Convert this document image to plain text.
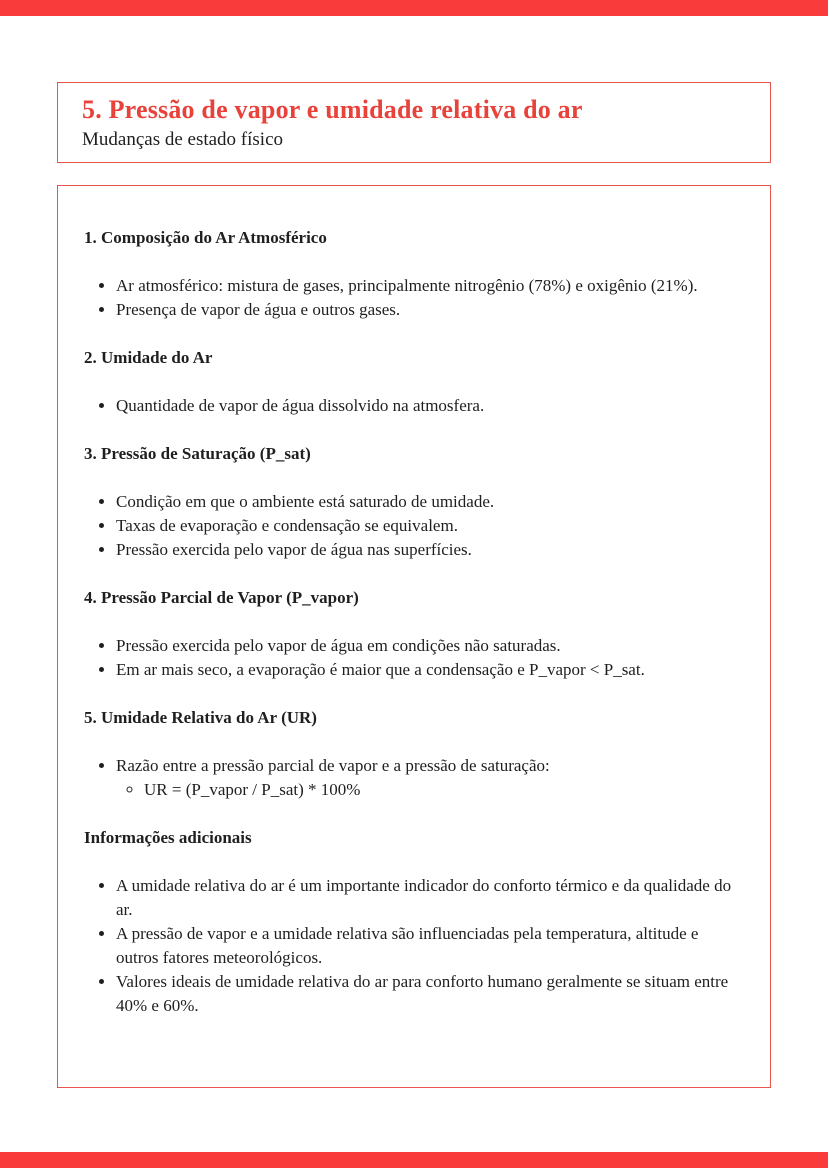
5. Pressão de vapor e umidade relativa do ar
Mudanças de estado físico
1. Composição do Ar Atmosférico
• Ar atmosférico: mistura de gases, principalmente nitrogênio (78%) e oxigênio (21%).
• Presença de vapor de água e outros gases.
2. Umidade do Ar
• Quantidade de vapor de água dissolvido na atmosfera.
3. Pressão de Saturação (P_sat)
• Condição em que o ambiente está saturado de umidade.
• Taxas de evaporação e condensação se equivalem.
• Pressão exercida pelo vapor de água nas superfícies.
4. Pressão Parcial de Vapor (P_vapor)
• Pressão exercida pelo vapor de água em condições não saturadas.
• Em ar mais seco, a evaporação é maior que a condensação e P_vapor < P_sat.
5. Umidade Relativa do Ar (UR)
• Razão entre a pressão parcial de vapor e a pressão de saturação:
◦ UR = (P_vapor / P_sat) * 100%
Informações adicionais
• A umidade relativa do ar é um importante indicador do conforto térmico e da qualidade do ar.
• A pressão de vapor e a umidade relativa são influenciadas pela temperatura, altitude e outros fatores meteorológicos.
• Valores ideais de umidade relativa do ar para conforto humano geralmente se situam entre 40% e 60%.
